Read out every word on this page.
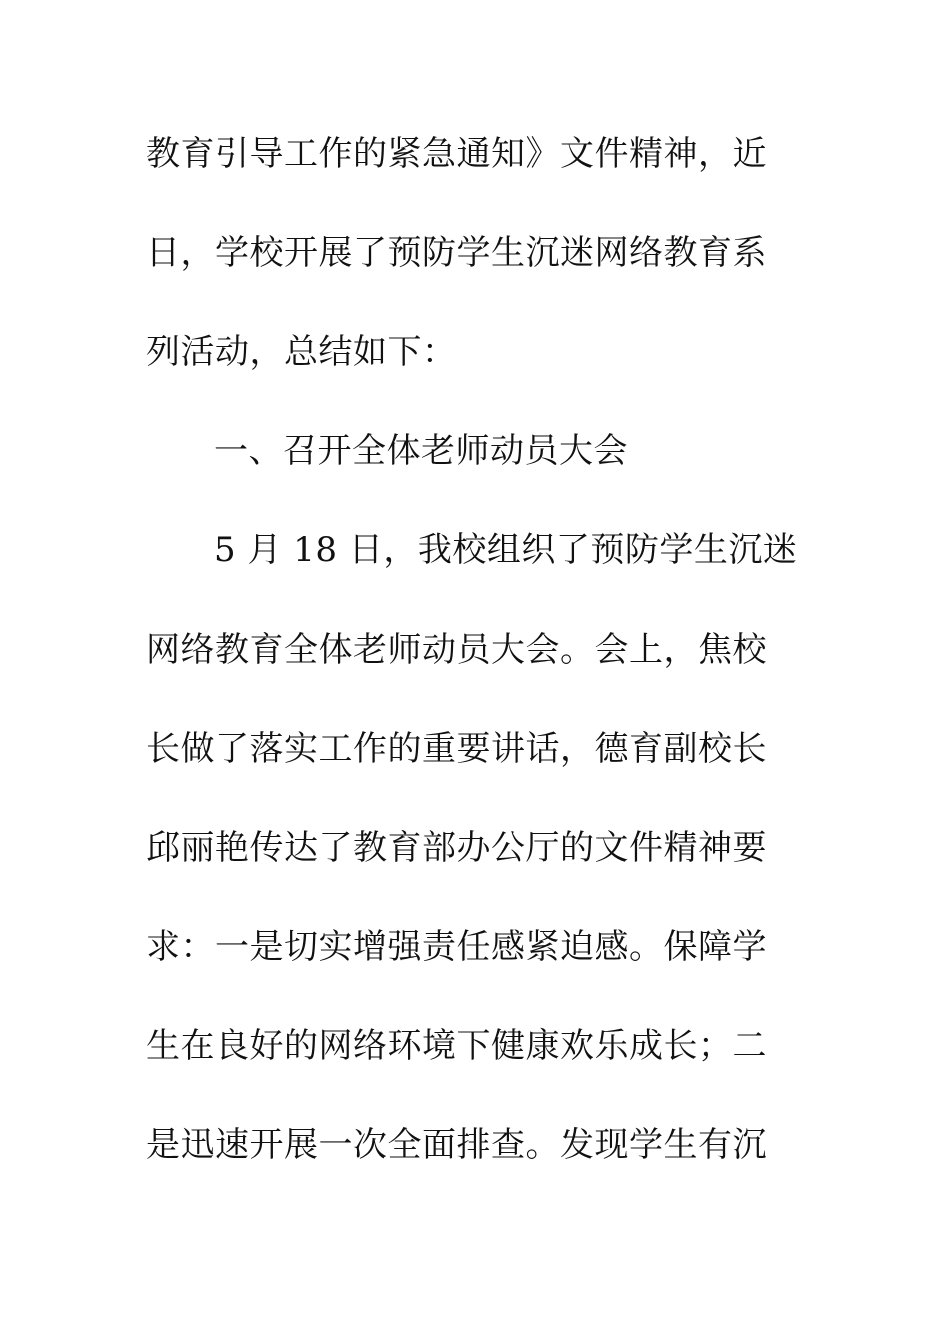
教育引导工作的紧急通知》文件精神，近
日，学校开展了预防学生沉迷网络教育系
列活动，总结如下：
一、召开全体老师动员大会
5 月 18 日，我校组织了预防学生沉迷
网络教育全体老师动员大会。会上，焦校
长做了落实工作的重要讲话，德育副校长
邱丽艳传达了教育部办公厅的文件精神要
求：一是切实增强责任感紧迫感。保障学
生在良好的网络环境下健康欢乐成长；二
是迅速开展一次全面排查。发现学生有沉
